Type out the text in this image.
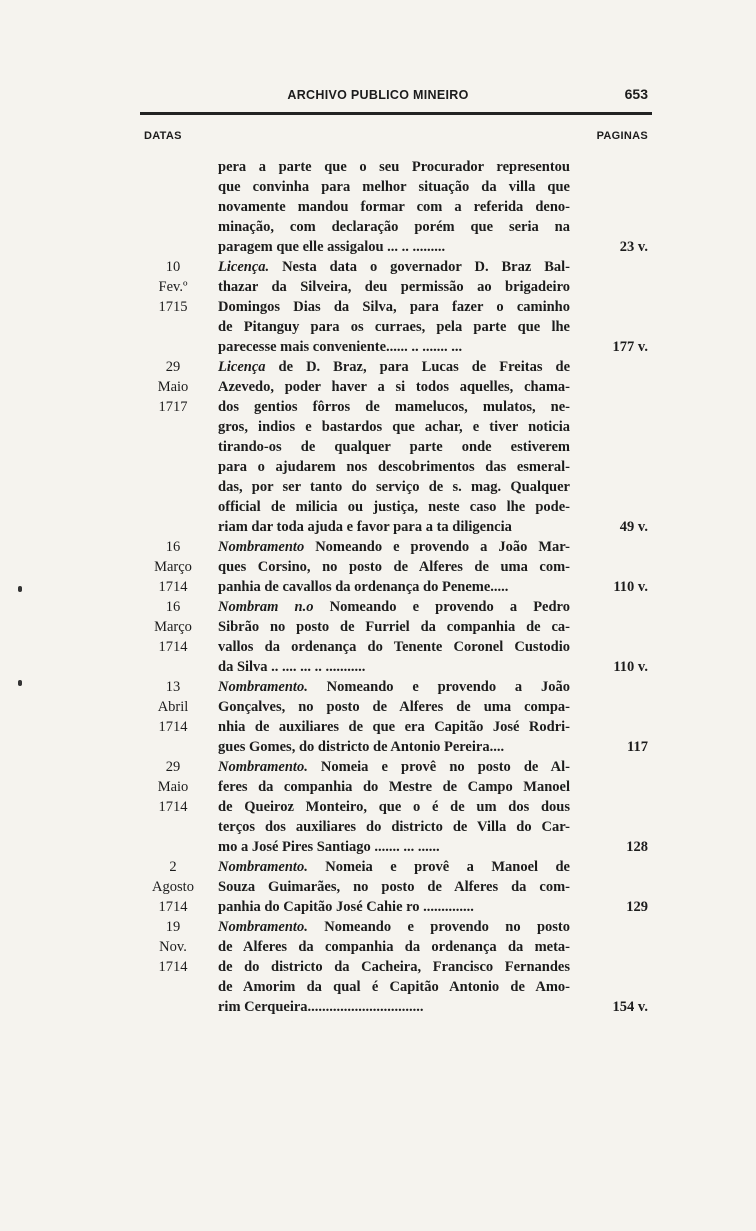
ARCHIVO PUBLICO MINEIRO	653
DATAS	PAGINAS
pera a parte que o seu Procurador representou
que convinha para melhor situação da villa que
novamente mandou formar com a referida deno-
minação, com declaração porém que seria na
paragem que elle assigalou ... .. .........	23 v.
10
Fev.º
1715
Licença. Nesta data o governador D. Braz Bal-
thazar da Silveira, deu permissão ao brigadeiro
Domingos Dias da Silva, para fazer o caminho
de Pitanguy para os curraes, pela parte que lhe
parecesse mais conveniente...... .. ....... ...	177 v.
29
Maio
1717
Licença de D. Braz, para Lucas de Freitas de
Azevedo, poder haver a si todos aquelles, chama-
dos gentios fôrros de mamelucos, mulatos, ne-
gros, indios e bastardos que achar, e tiver noticia
tirando-os de qualquer parte onde estiverem
para o ajudarem nos descobrimentos das esmeral-
das, por ser tanto do serviço de s. mag. Qualquer
official de milicia ou justiça, neste caso lhe pode-
riam dar toda ajuda e favor para a ta diligencia	49 v.
16
Março
1714
Nombramento Nomeando e provendo a João Mar-
ques Corsino, no posto de Alferes de uma com-
panhia de cavallos da ordenança do Peneme.....	110 v.
16
Março
1714
Nombram n.o Nomeando e provendo a Pedro
Sibrão no posto de Furriel da companhia de ca-
vallos da ordenança do Tenente Coronel Custodio
da Silva .. .... ... .. ...........	110 v.
13
Abril
1714
Nombramento. Nomeando e provendo a João
Gonçalves, no posto de Alferes de uma compa-
nhia de auxiliares de que era Capitão José Rodri-
gues Gomes, do districto de Antonio Pereira....	117
29
Maio
1714
Nombramento. Nomeia e provê no posto de Al-
feres da companhia do Mestre de Campo Manoel
de Queiroz Monteiro, que o é de um dos dous
terços dos auxiliares do districto de Villa do Car-
mo a José Pires Santiago ....... ... ......	128
2
Agosto
1714
Nombramento. Nomeia e provê a Manoel de
Souza Guimarães, no posto de Alferes da com-
panhia do Capitão José Cahie ro ..............	129
19
Nov.
1714
Nombramento. Nomeando e provendo no posto
de Alferes da companhia da ordenança da meta-
de do districto da Cacheira, Francisco Fernandes
de Amorim da qual é Capitão Antonio de Amo-
rim Cerqueira................................	154 v.
